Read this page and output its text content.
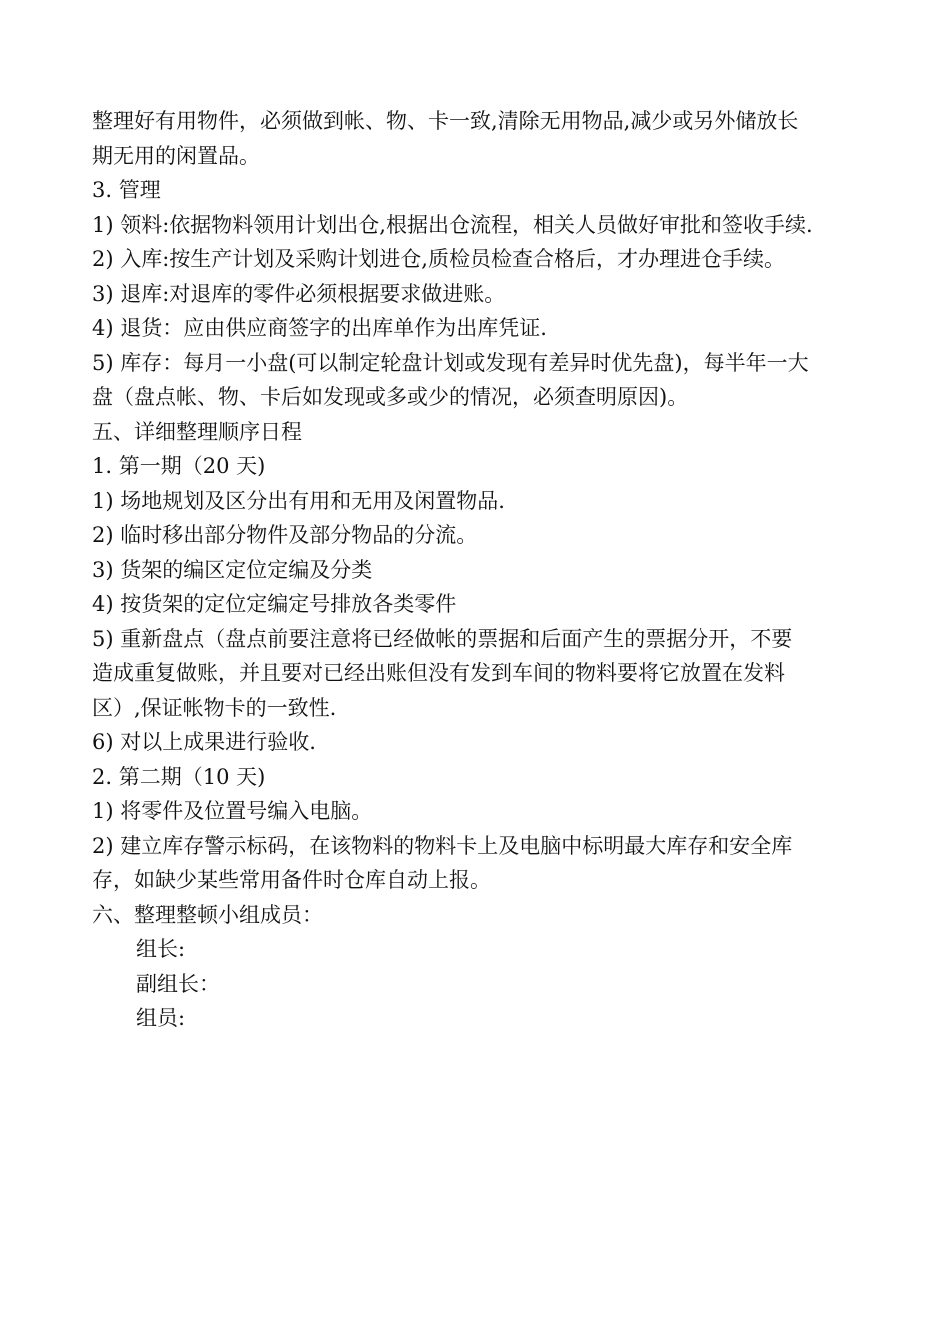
整理好有用物件，必须做到帐、物、卡一致,清除无用物品,减少或另外储放长
期无用的闲置品。
3. 管理
1) 领料:依据物料领用计划出仓,根据出仓流程，相关人员做好审批和签收手续.
2) 入库:按生产计划及采购计划进仓,质检员检查合格后，才办理进仓手续。
3) 退库:对退库的零件必须根据要求做进账。
4) 退货：应由供应商签字的出库单作为出库凭证.
5) 库存：每月一小盘(可以制定轮盘计划或发现有差异时优先盘)，每半年一大
盘（盘点帐、物、卡后如发现或多或少的情况，必须查明原因)。
五、详细整理顺序日程
1. 第一期（20 天)
1) 场地规划及区分出有用和无用及闲置物品.
2) 临时移出部分物件及部分物品的分流。
3) 货架的编区定位定编及分类
4) 按货架的定位定编定号排放各类零件
5) 重新盘点（盘点前要注意将已经做帐的票据和后面产生的票据分开，不要
造成重复做账，并且要对已经出账但没有发到车间的物料要将它放置在发料
区）,保证帐物卡的一致性.
6) 对以上成果进行验收.
2. 第二期（10 天)
1) 将零件及位置号编入电脑。
2) 建立库存警示标码，在该物料的物料卡上及电脑中标明最大库存和安全库
存，如缺少某些常用备件时仓库自动上报。
六、整理整顿小组成员：
组长:
副组长：
组员:
